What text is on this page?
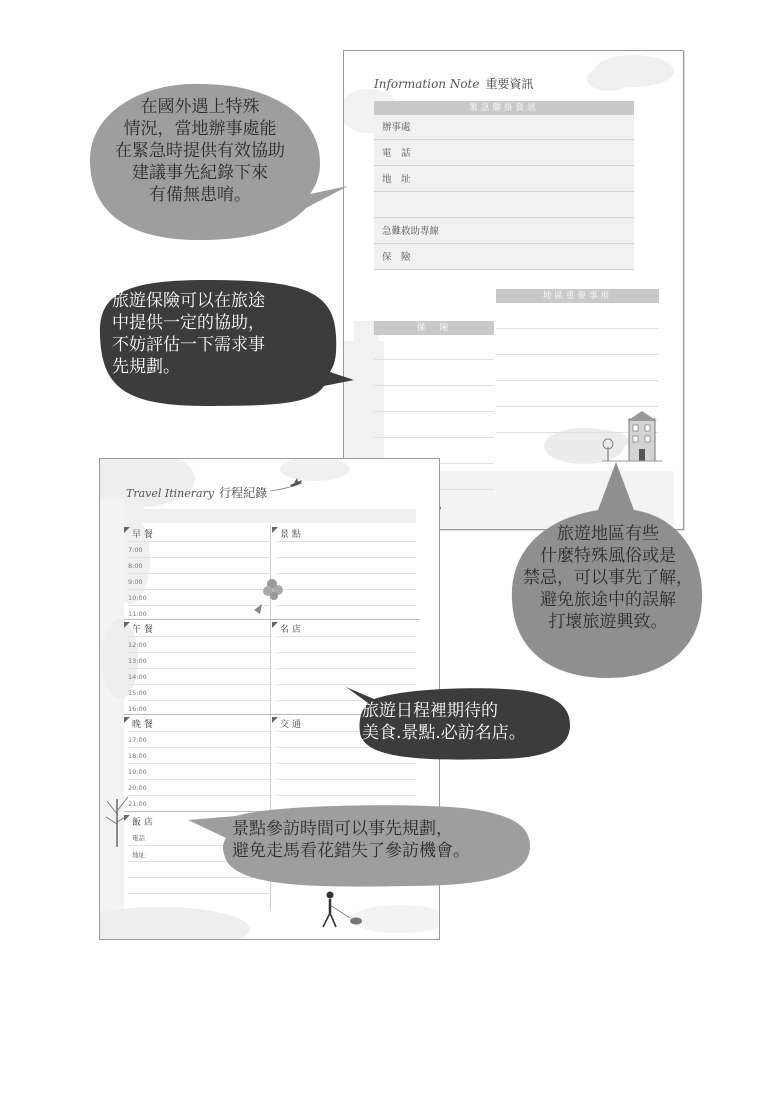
Information Note 重要資訊
緊急聯絡資訊
辦事處
電　話
地　址
急難救助專線
保　險
地區重要事項
保　險
Travel Itinerary 行程紀錄
早 餐
午 餐
晚 餐
飯 店
景 點
名 店
交 通
7:00
8:00
9:00
10:00
11:00
12:00
13:00
14:00
15:00
16:00
17:00
18:00
19:00
20:00
21:00
電話
地址
在國外遇上特殊
情況，當地辦事處能
在緊急時提供有效協助
建議事先紀錄下來
有備無患唷。
旅遊保險可以在旅途
中提供一定的協助，
不妨評估一下需求事
先規劃。
旅遊地區有些
什麼特殊風俗或是
禁忌，可以事先了解，
避免旅途中的誤解
打壞旅遊興致。
旅遊日程裡期待的
美食.景點.必訪名店。
景點參訪時間可以事先規劃，
避免走馬看花錯失了參訪機會。
